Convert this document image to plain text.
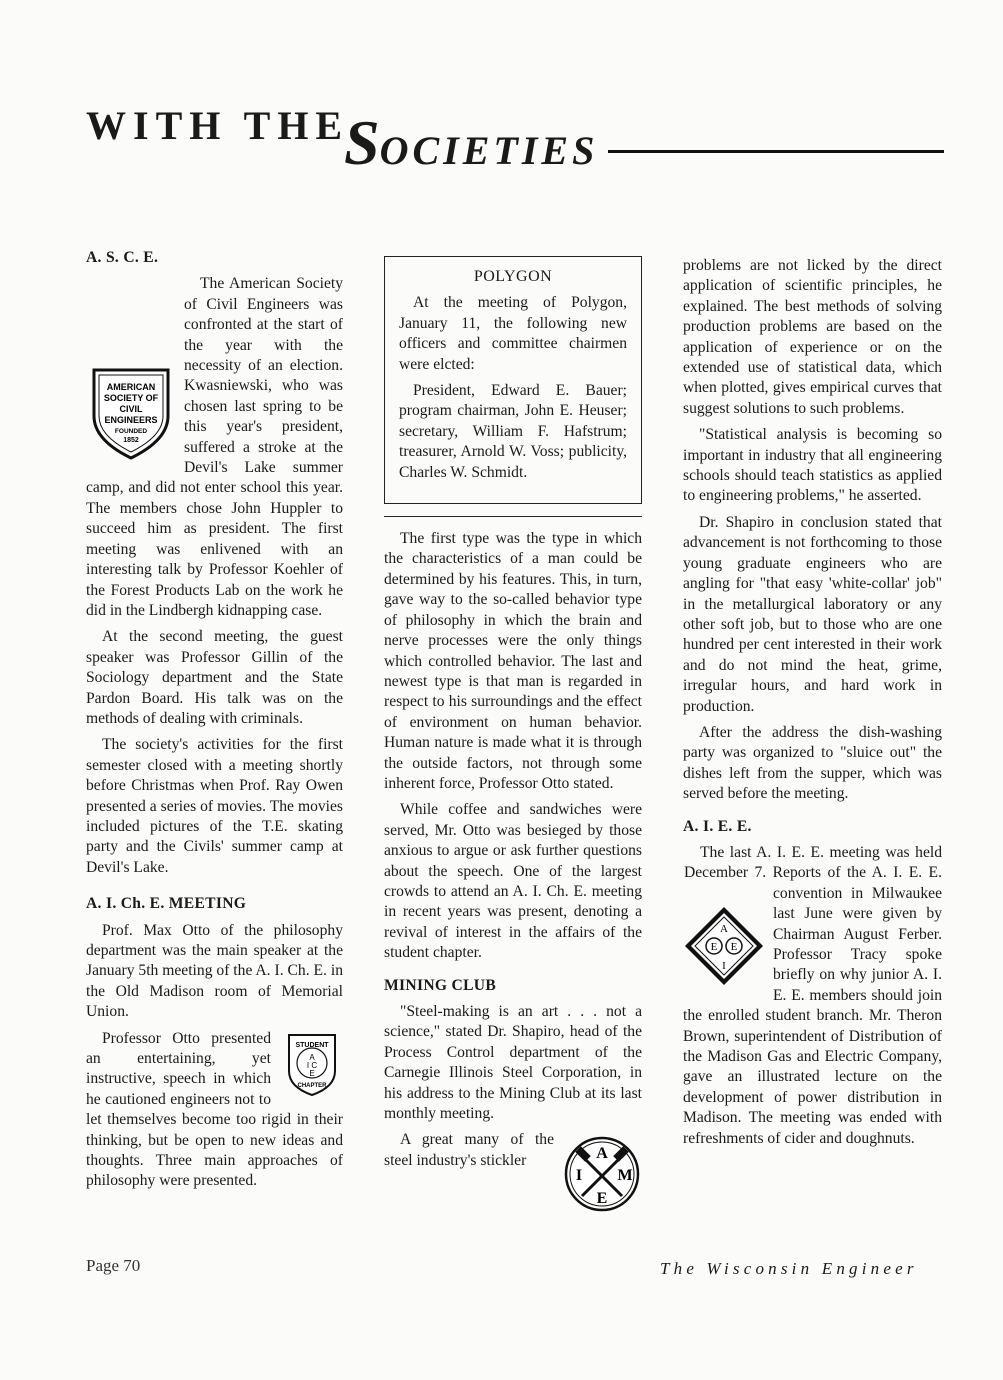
WITH THE
SOCIETIES
A. S. C. E.
AMERICAN
SOCIETY OF
CIVIL
ENGINEERS
FOUNDED
1852

The American Society of Civil Engineers was confronted at the start of the year with the necessity of an election. Kwasniewski, who was chosen last spring to be this year's president, suffered a stroke at the Devil's Lake summer camp, and did not enter school this year. The members chose John Huppler to succeed him as president. The first meeting was enlivened with an interesting talk by Professor Koehler of the Forest Products Lab on the work he did in the Lindbergh kidnapping case.

At the second meeting, the guest speaker was Professor Gillin of the Sociology department and the State Pardon Board. His talk was on the methods of dealing with criminals.

The society's activities for the first semester closed with a meeting shortly before Christmas when Prof. Ray Owen presented a series of movies. The movies included pictures of the T.E. skating party and the Civils' summer camp at Devil's Lake.

A. I. Ch. E. MEETING

Prof. Max Otto of the philosophy department was the main speaker at the January 5th meeting of the A. I. Ch. E. in the Old Madison room of Memorial Union.

STUDENT
A
I C
E
CHAPTER

Professor Otto presented an entertaining, yet instructive, speech in which he cautioned engineers not to let themselves become too rigid in their thinking, but be open to new ideas and thoughts. Three main approaches of philosophy were presented.

POLYGON

At the meeting of Polygon, January 11, the following new officers and committee chairmen were elcted:

President, Edward E. Bauer; program chairman, John E. Heuser; secretary, William F. Hafstrum; treasurer, Arnold W. Voss; publicity, Charles W. Schmidt.

The first type was the type in which the characteristics of a man could be determined by his features. This, in turn, gave way to the so-called behavior type of philosophy in which the brain and nerve processes were the only things which controlled behavior. The last and newest type is that man is regarded in respect to his surroundings and the effect of environment on human behavior. Human nature is made what it is through the outside factors, not through some inherent force, Professor Otto stated.

While coffee and sandwiches were served, Mr. Otto was besieged by those anxious to argue or ask further questions about the speech. One of the largest crowds to attend an A. I. Ch. E. meeting in recent years was present, denoting a revival of interest in the affairs of the student chapter.

MINING CLUB

"Steel-making is an art . . . not a science," stated Dr. Shapiro, head of the Process Control department of the Carnegie Illinois Steel Corporation, in his address to the Mining Club at its last monthly meeting.

A
I M
E

A great many of the steel industry's stickler

problems are not licked by the direct application of scientific principles, he explained. The best methods of solving production problems are based on the application of experience or on the extended use of statistical data, which when plotted, gives empirical curves that suggest solutions to such problems.

"Statistical analysis is becoming so important in industry that all engineering schools should teach statistics as applied to engineering problems," he asserted.

Dr. Shapiro in conclusion stated that advancement is not forthcoming to those young graduate engineers who are angling for "that easy 'white-collar' job" in the metallurgical laboratory or any other soft job, but to those who are one hundred per cent interested in their work and do not mind the heat, grime, irregular hours, and hard work in production.

After the address the dish-washing party was organized to "sluice out" the dishes left from the supper, which was served before the meeting.

A. I. E. E.
A
E E
I

The last A. I. E. E. meeting was held December 7. Reports of the A. I. E. E. convention in Milwaukee last June were given by Chairman August Ferber. Professor Tracy spoke briefly on why junior A. I. E. E. members should join the enrolled student branch. Mr. Theron Brown, superintendent of Distribution of the Madison Gas and Electric Company, gave an illustrated lecture on the development of power distribution in Madison. The meeting was ended with refreshments of cider and doughnuts.

Page 70	The Wisconsin Engineer
